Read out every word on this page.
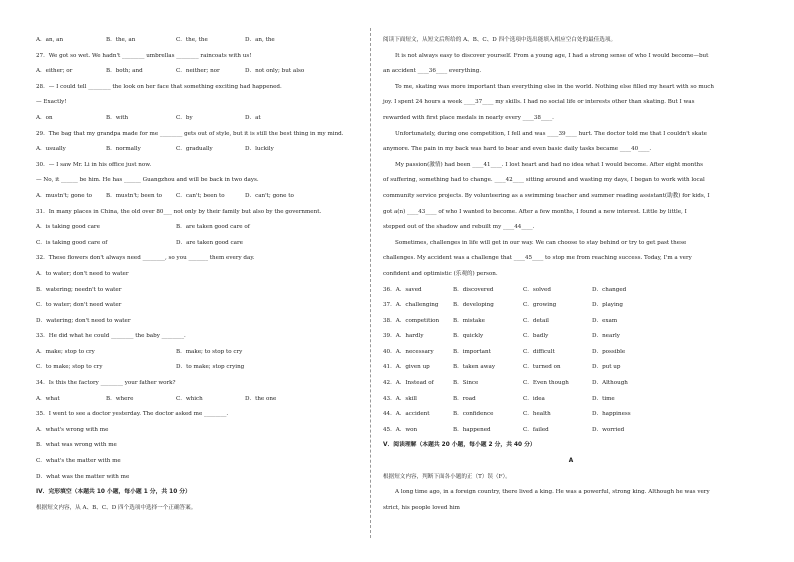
A．an, an	B．the, an	C．the, the	D．an, the
27．We got so wet. We hadn't ________ umbrellas ________ raincoats with us!
A．either; or	B．both; and	C．neither; nor	D．not only; but also
28．— I could tell ________ the look on her face that something exciting had happened.
— Exactly!
A．on	B．with	C．by	D．at
29．The bag that my grandpa made for me ________ gets out of style, but it is still the best thing in my mind.
A．usually	B．normally	C．gradually	D．luckily
30．— I saw Mr. Li in his office just now.
— No, it ______ be him. He has ______ Guangzhou and will be back in two days.
A．mustn't; gone to	B．mustn't; been to	C．can't; been to	D．can't; gone to
31．In many places in China, the old over 80___ not only by their family but also by the government.
A．is taking good care	B．are taken good care of
C．is taking good care of	D．are taken good care
32．These flowers don't always need ________, so you _______ them every day.
A．to water; don't need to water
B．watering; needn't to water
C．to water; don't need water
D．watering; don't need to water
33．He did what he could ________ the baby ________.
A．make; stop to cry	B．make; to stop to cry
C．to make; stop to cry	D．to make; stop crying
34．Is this the factory ________ your father work?
A．what	B．where	C．which	D．the one
35．I went to see a doctor yesterday. The doctor asked me ________.
A．what's wrong with me
B．what was wrong with me
C．what's the matter with me
D．what was the matter with me
IV．完形填空（本题共 10 小题，每小题 1 分，共 10 分）
根据短文内容，从 A、B、C、D 四个选项中选择一个正确答案。
阅读下面短文，从短文后所给的 A、B、C、D 四个选项中选出能填入相应空白处的最佳选项。
It is not always easy to discover yourself. From a young age, I had a strong sense of who I would become—but
an accident ____36____ everything.
To me, skating was more important than everything else in the world. Nothing else filled my heart with so much
joy. I spent 24 hours a week ____37____ my skills. I had no social life or interests other than skating. But I was
rewarded with first place medals in nearly every ____38____.
Unfortunately, during one competition, I fell and was ____39____ hurt. The doctor told me that I couldn't skate
anymore. The pain in my back was hard to bear and even basic daily tasks became ____40____.
My passion(激情) had been ____41____. I lost heart and had no idea what I would become. After eight months
of suffering, something had to change. ____42____ sitting around and wasting my days, I began to work with local
community service projects. By volunteering as a swimming teacher and summer reading assistant(助教) for kids, I
got a(n) ____43____ of who I wanted to become. After a few months, I found a new interest. Little by little, I
stepped out of the shadow and rebuilt my ____44____.
Sometimes, challenges in life will get in our way. We can choose to stay behind or try to get past these
challenges. My accident was a challenge that ____45____ to stop me from reaching success. Today, I'm a very
confident and optimistic (乐观的) person.
36．A．saved	B．discovered	C．solved	D．changed
37．A．challenging	B．developing	C．growing	D．playing
38．A．competition B．mistake	C．detail	D．exam
39．A．hardly	B．quickly	C．badly	D．nearly
40．A．necessary	B．important	C．difficult	D．possible
41．A．given up	B．taken away	C．turned on	D．put up
42．A．Instead of	B．Since	C．Even though	D．Although
43．A．skill	B．road	C．idea	D．time
44．A．accident	B．confidence	C．health	D．happiness
45．A．won	B．happened	C．failed	D．worried
V．阅读理解（本题共 20 小题，每小题 2 分，共 40 分）
A
根据短文内容，判断下面各小题的正（T）误（F）。
A long time ago, in a foreign country, there lived a king. He was a powerful, strong king. Although he was very
strict, his people loved him
